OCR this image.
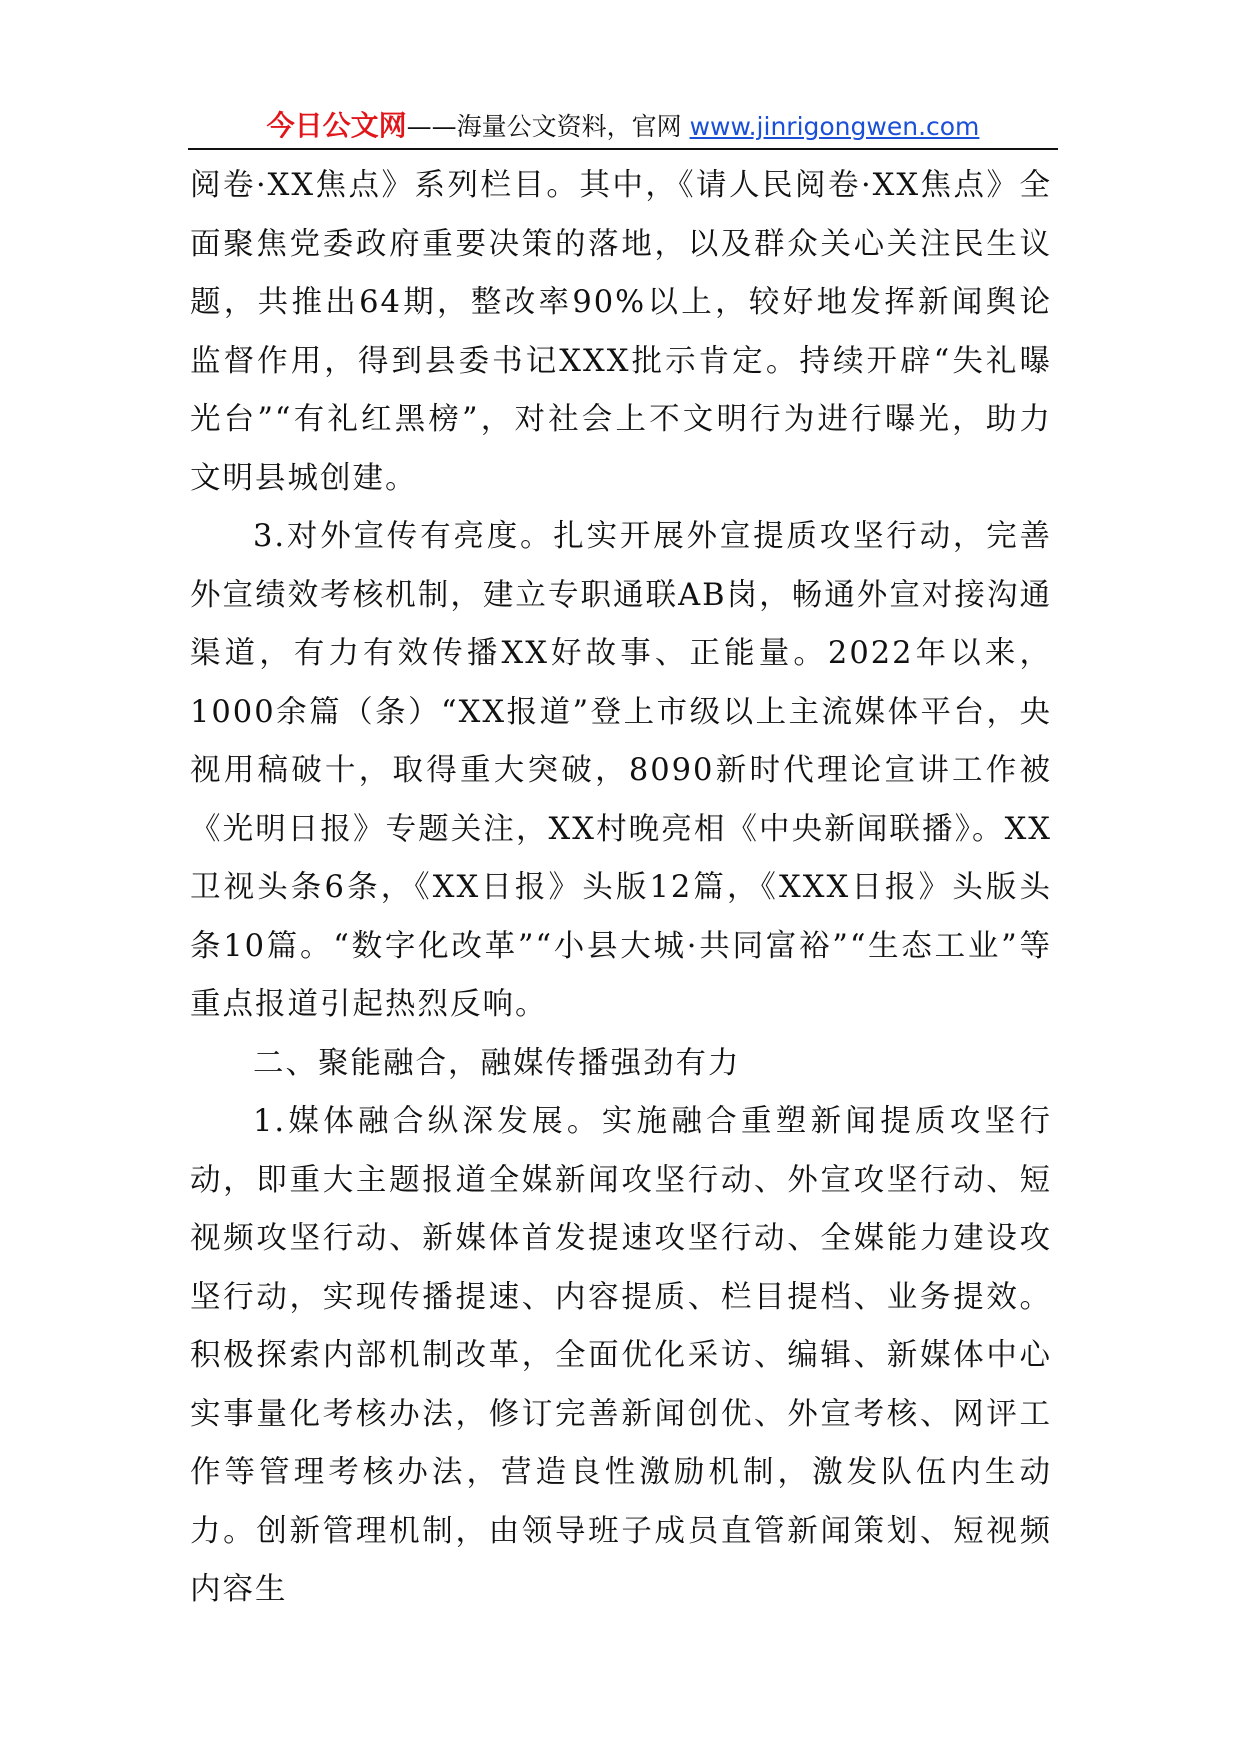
今日公文网——海量公文资料，官网 www.jinrigongwen.com

阅卷·XX焦点》系列栏目。其中，《请人民阅卷·XX焦点》全面聚焦党委政府重要决策的落地，以及群众关心关注民生议题，共推出64期，整改率90%以上，较好地发挥新闻舆论监督作用，得到县委书记XXX批示肯定。持续开辟“失礼曝光台”“有礼红黑榜”，对社会上不文明行为进行曝光，助力文明县城创建。

3.对外宣传有亮度。扎实开展外宣提质攻坚行动，完善外宣绩效考核机制，建立专职通联AB岗，畅通外宣对接沟通渠道，有力有效传播XX好故事、正能量。2022年以来，1000余篇（条）“XX报道”登上市级以上主流媒体平台，央视用稿破十，取得重大突破，8090新时代理论宣讲工作被《光明日报》专题关注，XX村晚亮相《中央新闻联播》。XX卫视头条6条，《XX日报》头版12篇，《XXX日报》头版头条10篇。“数字化改革”“小县大城·共同富裕”“生态工业”等重点报道引起热烈反响。

二、聚能融合，融媒传播强劲有力

1.媒体融合纵深发展。实施融合重塑新闻提质攻坚行动，即重大主题报道全媒新闻攻坚行动、外宣攻坚行动、短视频攻坚行动、新媒体首发提速攻坚行动、全媒能力建设攻坚行动，实现传播提速、内容提质、栏目提档、业务提效。积极探索内部机制改革，全面优化采访、编辑、新媒体中心实事量化考核办法，修订完善新闻创优、外宣考核、网评工作等管理考核办法，营造良性激励机制，激发队伍内生动力。创新管理机制，由领导班子成员直管新闻策划、短视频内容生
